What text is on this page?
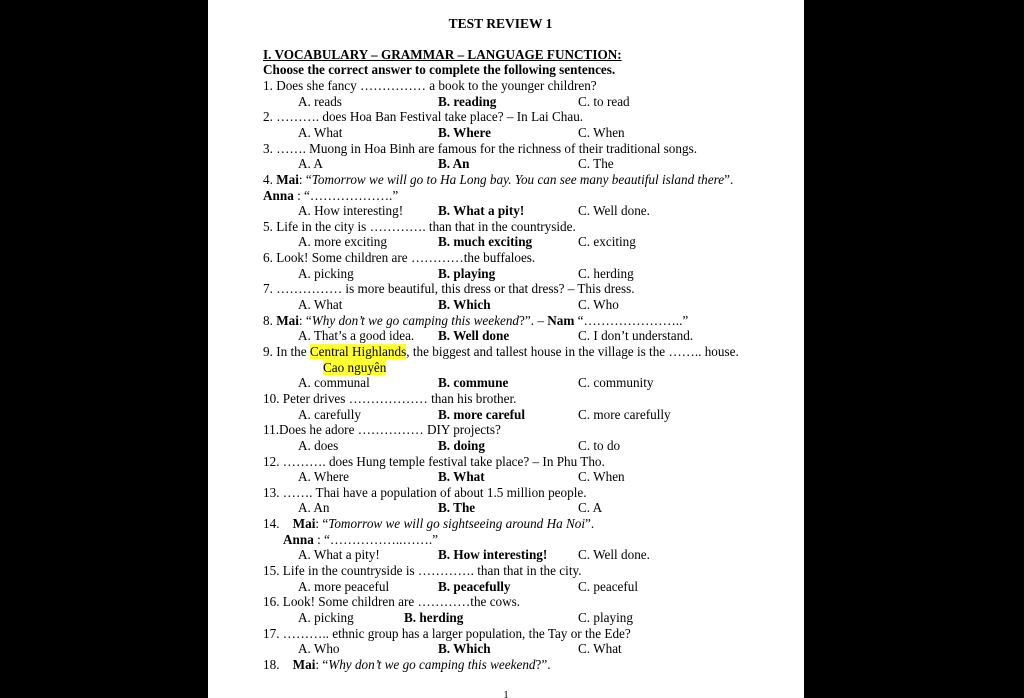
TEST REVIEW 1
I. VOCABULARY – GRAMMAR – LANGUAGE FUNCTION:
Choose the correct answer to complete the following sentences.
1. Does she fancy …………… a book to the younger children?
A. reads	B. reading	C. to read
2. ………. does Hoa Ban Festival take place? – In Lai Chau.
A. What	B. Where	C. When
3. ……. Muong in Hoa Binh are famous for the richness of their traditional songs.
A. A	B. An	C. The
4. Mai: “Tomorrow we will go to Ha Long bay. You can see many beautiful island there”.
Anna : “……………….”
A. How interesting!	B. What a pity!	C. Well done.
5. Life in the city is …………. than that in the countryside.
A. more exciting	B. much exciting	C. exciting
6. Look! Some children are …………the buffaloes.
A. picking	B. playing	C. herding
7. …………… is more beautiful, this dress or that dress? – This dress.
A. What	B. Which	C. Who
8. Mai: “Why don’t we go camping this weekend?”. – Nam “…………………..”
A. That’s a good idea. B. Well done	C. I don’t understand.
9. In the Central Highlands, the biggest and tallest house in the village is the …….. house.
Cao nguyên
A. communal	B. commune	C. community
10. Peter drives ……………… than his brother.
A. carefully	B. more careful	C. more carefully
11.Does he adore …………… DIY projects?
A. does	B. doing	C. to do
12. ………. does Hung temple festival take place? – In Phu Tho.
A. Where	B. What	C. When
13. ……. Thai have a population of about 1.5 million people.
A. An	B. The	C. A
14.    Mai: “Tomorrow we will go sightseeing around Ha Noi”.
Anna : “……………..…….”
A. What a pity!	B. How interesting! C. Well done.
15. Life in the countryside is …………. than that in the city.
A. more peaceful	B. peacefully	C. peaceful
16. Look! Some children are …………the cows.
A. picking	B. herding	C. playing
17. ……….. ethnic group has a larger population, the Tay or the Ede?
A. Who	B. Which	C. What
18.    Mai: “Why don’t we go camping this weekend?”.
1
